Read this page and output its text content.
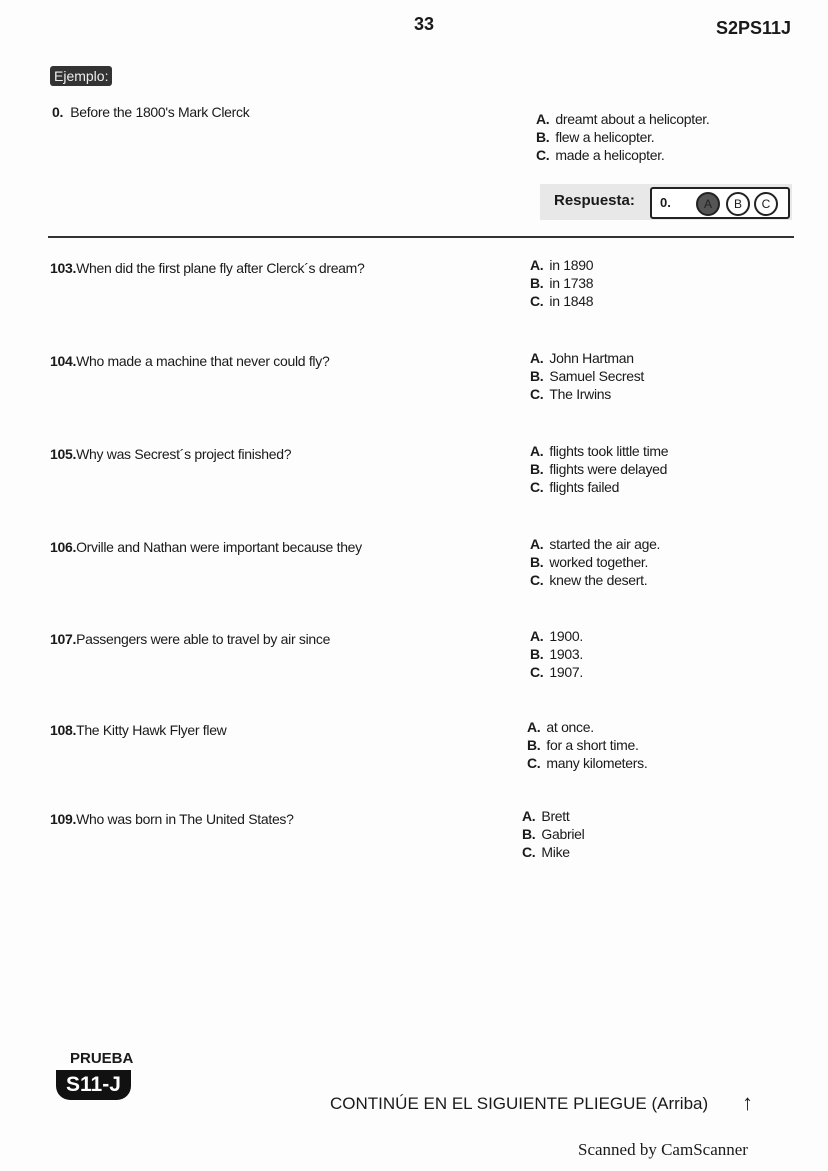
33	S2PS11J
Ejemplo:
0. Before the 1800's Mark Clerck	A. dreamt about a helicopter.
B. flew a helicopter.
C. made a helicopter.
Respuesta: 0.	A	B	C
103.When did the first plane fly after Clerck´s dream?	A. in 1890
B. in 1738
C. in 1848
104.Who made a machine that never could fly?	A. John Hartman
B. Samuel Secrest
C. The Irwins
105.Why was Secrest´s project finished?	A. flights took little time
B. flights were delayed
C. flights failed
106.Orville and Nathan were important because they	A. started the air age.
B. worked together.
C. knew the desert.
107.Passengers were able to travel by air since	A. 1900.
B. 1903.
C. 1907.
108.The Kitty Hawk Flyer flew	A. at once.
B. for a short time.
C. many kilometers.
109.Who was born in The United States?	A. Brett
B. Gabriel
C. Mike
PRUEBA
S11-J
CONTINÚE EN EL SIGUIENTE PLIEGUE (Arriba) ↑
Scanned by CamScanner
